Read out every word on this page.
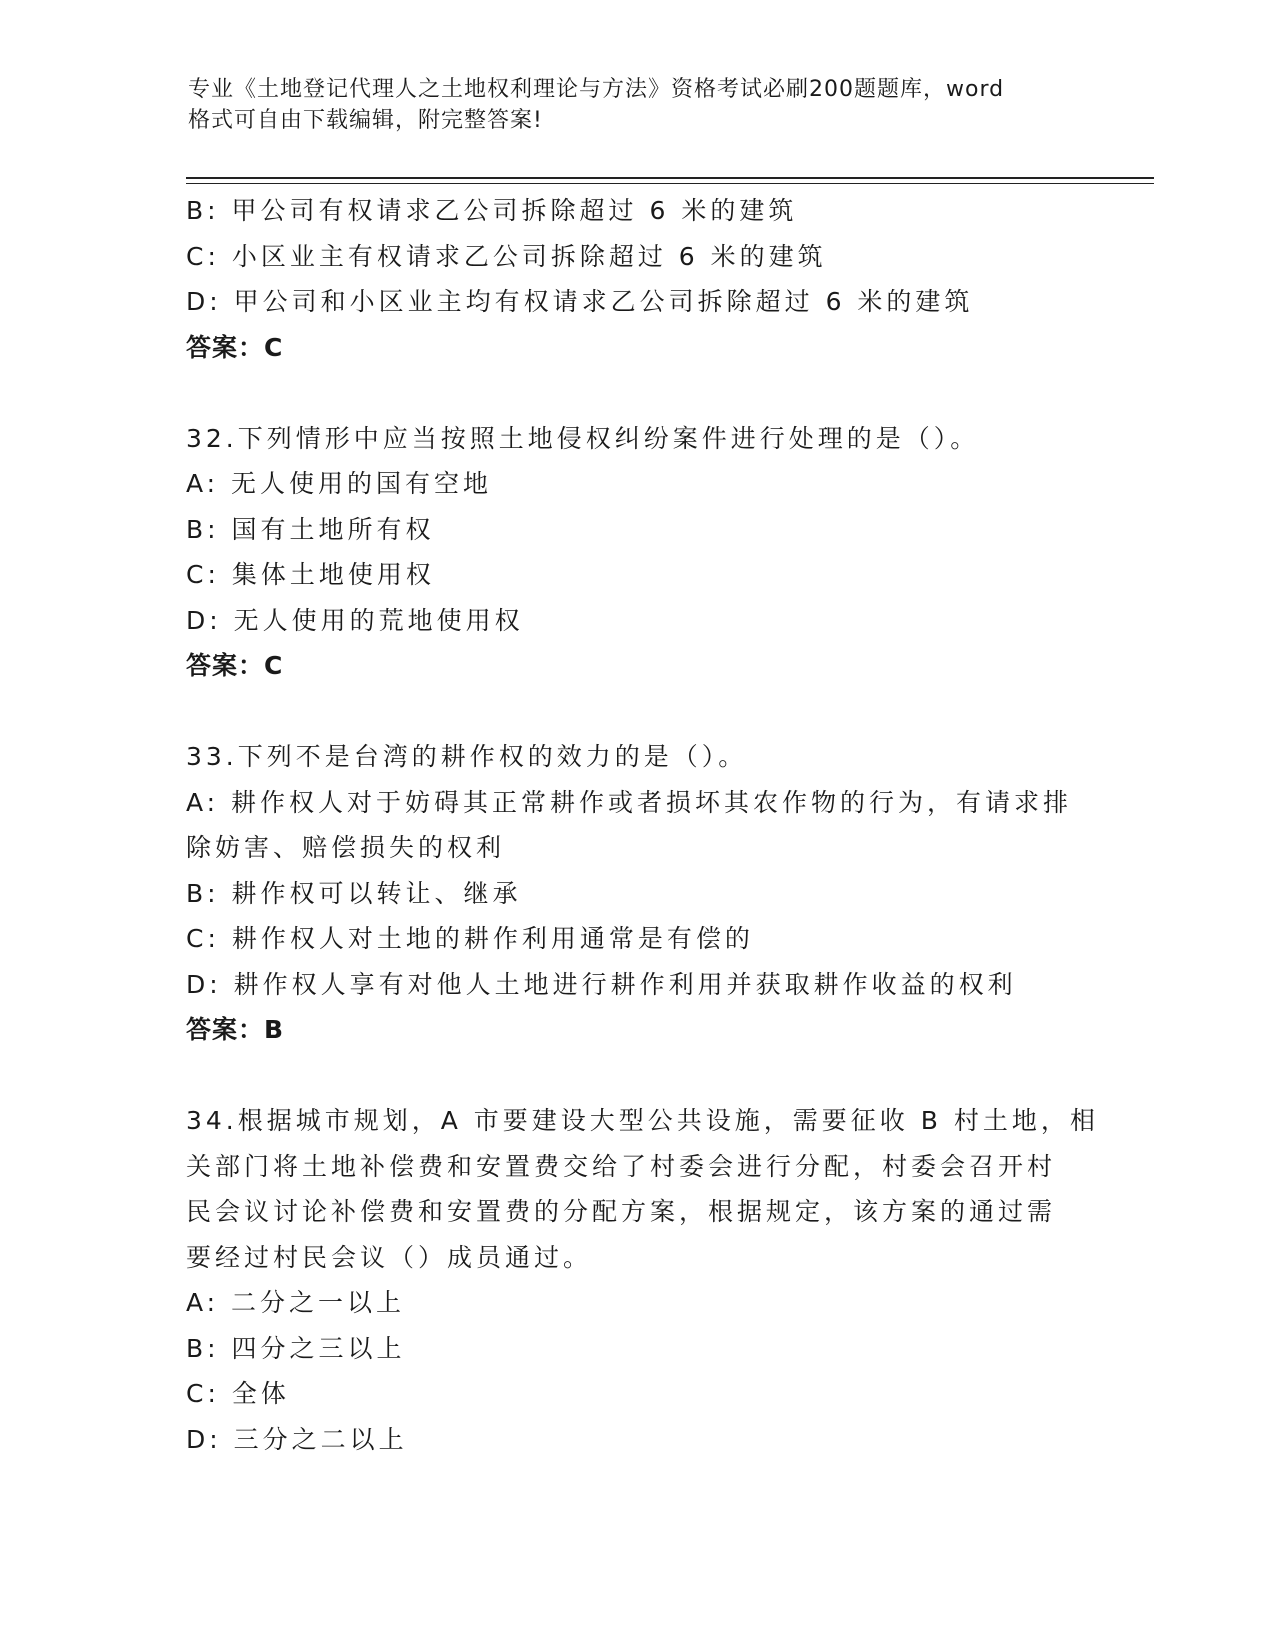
专业《土地登记代理人之土地权利理论与方法》资格考试必刷200题题库，word
格式可自由下载编辑，附完整答案!
B: 甲公司有权请求乙公司拆除超过 6 米的建筑
C: 小区业主有权请求乙公司拆除超过 6 米的建筑
D: 甲公司和小区业主均有权请求乙公司拆除超过 6 米的建筑
答案：C
32.下列情形中应当按照土地侵权纠纷案件进行处理的是（）。
A: 无人使用的国有空地
B: 国有土地所有权
C: 集体土地使用权
D: 无人使用的荒地使用权
答案：C
33.下列不是台湾的耕作权的效力的是（）。
A: 耕作权人对于妨碍其正常耕作或者损坏其农作物的行为，有请求排
除妨害、赔偿损失的权利
B: 耕作权可以转让、继承
C: 耕作权人对土地的耕作利用通常是有偿的
D: 耕作权人享有对他人土地进行耕作利用并获取耕作收益的权利
答案：B
34.根据城市规划，A 市要建设大型公共设施，需要征收 B 村土地，相
关部门将土地补偿费和安置费交给了村委会进行分配，村委会召开村
民会议讨论补偿费和安置费的分配方案，根据规定，该方案的通过需
要经过村民会议（）成员通过。
A: 二分之一以上
B: 四分之三以上
C: 全体
D: 三分之二以上
